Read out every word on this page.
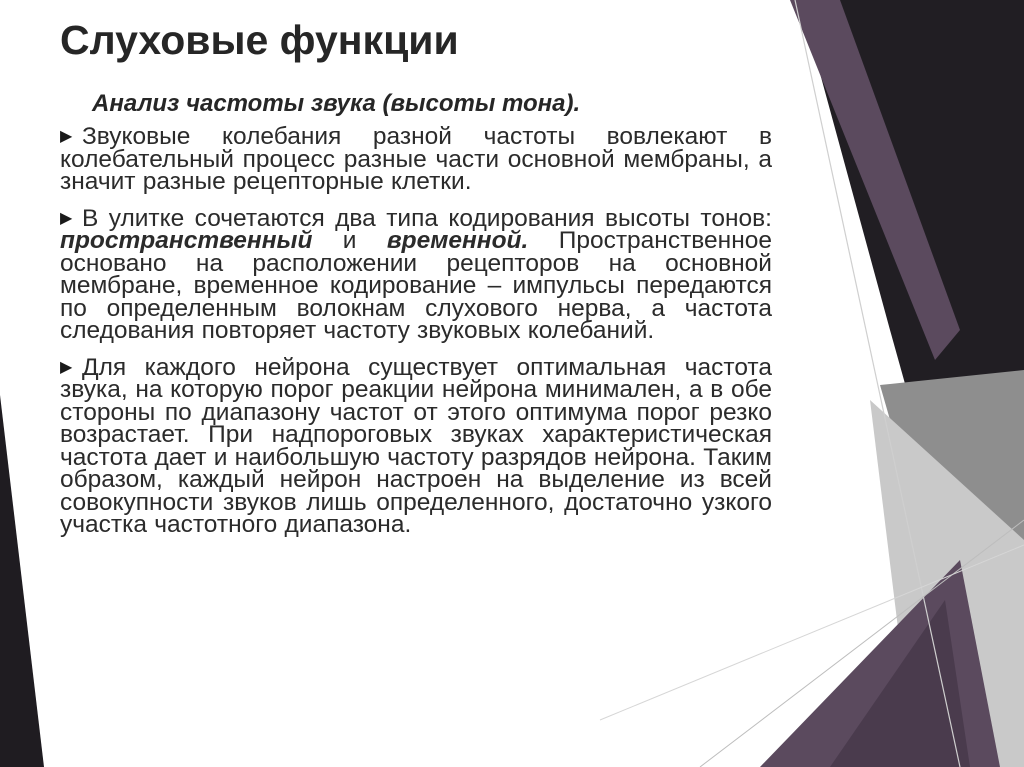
Слуховые функции
Анализ частоты звука (высоты тона).

▶ Звуковые колебания разной частоты вовлекают в колебательный процесс разные части основной мембраны, а значит разные рецепторные клетки.

▶ В улитке сочетаются два типа кодирования высоты тонов: пространственный и временной. Пространственное основано на расположении рецепторов на основной мембране, временное кодирование – импульсы передаются по определенным волокнам слухового нерва, а частота следования повторяет частоту звуковых колебаний.

▶ Для каждого нейрона существует оптимальная частота звука, на которую порог реакции нейрона минимален, а в обе стороны по диапазону частот от этого оптимума порог резко возрастает. При надпороговых звуках характеристическая частота дает и наибольшую частоту разрядов нейрона. Таким образом, каждый нейрон настроен на выделение из всей совокупности звуков лишь определенного, достаточно узкого участка частотного диапазона.
